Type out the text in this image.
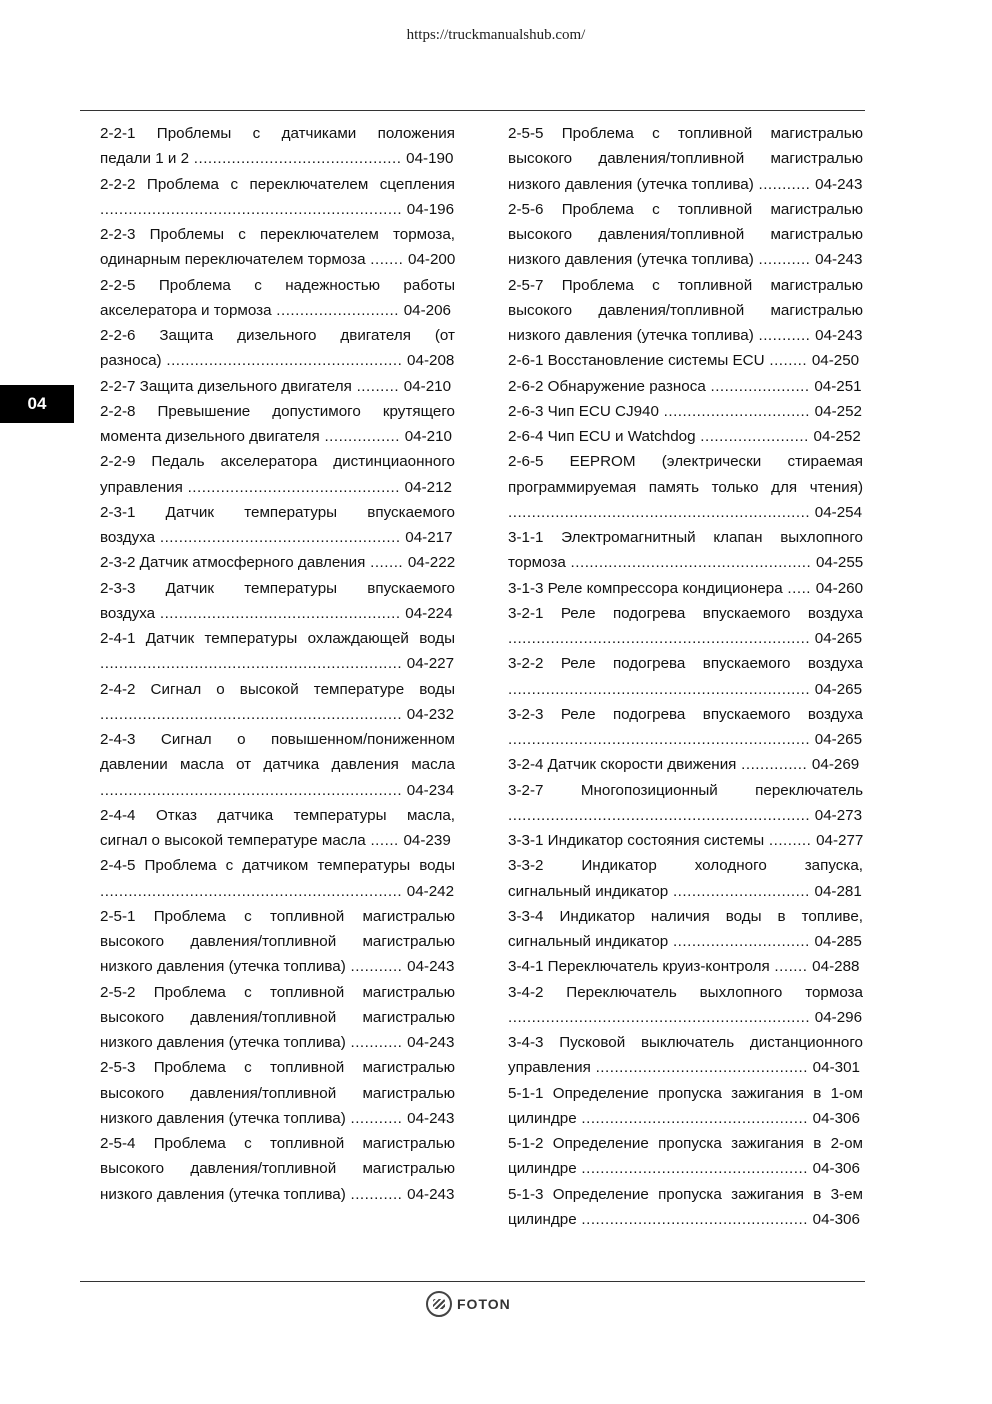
https://truckmanualshub.com/
2-2-1 Проблемы с датчиками положения
педали 1 и 2 ............................................ 04-190
2-2-2 Проблема с переключателем сцепления
................................................................ 04-196
2-2-3 Проблемы с переключателем тормоза,
одинарным переключателем тормоза ....... 04-200
2-2-5 Проблема с надежностью работы
акселератора и тормоза .......................... 04-206
2-2-6 Защита дизельного двигателя (от
разноса) .................................................. 04-208
2-2-7 Защита дизельного двигателя ......... 04-210
2-2-8 Превышение допустимого крутящего
момента дизельного двигателя ................ 04-210
2-2-9 Педаль акселератора дистинциаонного
управления ............................................. 04-212
2-3-1 Датчик температуры впускаемого
воздуха ................................................... 04-217
2-3-2 Датчик атмосферного давления ....... 04-222
2-3-3 Датчик температуры впускаемого
воздуха ................................................... 04-224
2-4-1 Датчик температуры охлаждающей воды
................................................................ 04-227
2-4-2 Сигнал о высокой температуре воды
................................................................ 04-232
2-4-3 Сигнал о повышенном/пониженном
давлении масла от датчика давления масла
................................................................ 04-234
2-4-4 Отказ датчика температуры масла,
сигнал о высокой температуре масла ...... 04-239
2-4-5 Проблема с датчиком температуры воды
................................................................ 04-242
2-5-1 Проблема с топливной магистралью
высокого давления/топливной магистралью
низкого давления (утечка топлива) ........... 04-243
2-5-2 Проблема с топливной магистралью
высокого давления/топливной магистралью
низкого давления (утечка топлива) ........... 04-243
2-5-3 Проблема с топливной магистралью
высокого давления/топливной магистралью
низкого давления (утечка топлива) ........... 04-243
2-5-4 Проблема с топливной магистралью
высокого давления/топливной магистралью
низкого давления (утечка топлива) ........... 04-243
2-5-5 Проблема с топливной магистралью
высокого давления/топливной магистралью
низкого давления (утечка топлива) ........... 04-243
2-5-6 Проблема с топливной магистралью
высокого давления/топливной магистралью
низкого давления (утечка топлива) ........... 04-243
2-5-7 Проблема с топливной магистралью
высокого давления/топливной магистралью
низкого давления (утечка топлива) ........... 04-243
2-6-1 Восстановление системы ECU ........ 04-250
2-6-2 Обнаружение разноса ..................... 04-251
2-6-3 Чип ECU CJ940 ............................... 04-252
2-6-4 Чип ECU и Watchdog ....................... 04-252
2-6-5 EEPROM (электрически стираемая
программируемая память только для чтения)
................................................................ 04-254
3-1-1 Электромагнитный клапан выхлопного
тормоза ................................................... 04-255
3-1-3 Реле компрессора кондиционера ..... 04-260
3-2-1 Реле подогрева впускаемого воздуха
................................................................ 04-265
3-2-2 Реле подогрева впускаемого воздуха
................................................................ 04-265
3-2-3 Реле подогрева впускаемого воздуха
................................................................ 04-265
3-2-4 Датчик скорости движения .............. 04-269
3-2-7 Многопозиционный переключатель
................................................................ 04-273
3-3-1 Индикатор состояния системы ......... 04-277
3-3-2 Индикатор холодного запуска,
сигнальный индикатор ............................. 04-281
3-3-4 Индикатор наличия воды в топливе,
сигнальный индикатор ............................. 04-285
3-4-1 Переключатель круиз-контроля ....... 04-288
3-4-2 Переключатель выхлопного тормоза
................................................................ 04-296
3-4-3 Пусковой выключатель дистанционного
управления ............................................. 04-301
5-1-1 Определение пропуска зажигания в 1-ом
цилиндре ................................................ 04-306
5-1-2 Определение пропуска зажигания в 2-ом
цилиндре ................................................ 04-306
5-1-3 Определение пропуска зажигания в 3-ем
цилиндре ................................................ 04-306
04
FOTON
